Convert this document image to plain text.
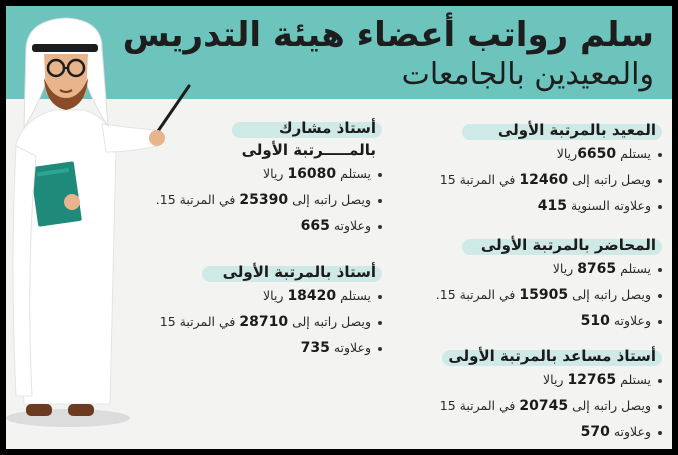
سلم رواتب أعضاء هيئة التدريس
والمعيدين بالجامعات
المعيد بالمرتبة الأولى
يستلم 6650ريالا
ويصل راتبه إلى 12460 في المرتبة 15
وعلاوته السنوية 415
المحاضر بالمرتبة الأولى
يستلم 8765 ريالا
ويصل راتبه إلى 15905 في المرتبة 15.
وعلاوته 510
أستاذ مساعد بالمرتبة الأولى
يستلم 12765 ريالا
ويصل راتبه إلى 20745 في المرتبة 15
وعلاوته 570
أستاذ مشارك
بالمـــــرتبة الأولى
يستلم 16080 ريالا
ويصل راتبه إلى 25390 في المرتبة 15.
وعلاوته 665
أستاذ بالمرتبة الأولى
يستلم 18420 ريالا
ويصل راتبه إلى 28710 في المرتبة 15
وعلاوته 735
